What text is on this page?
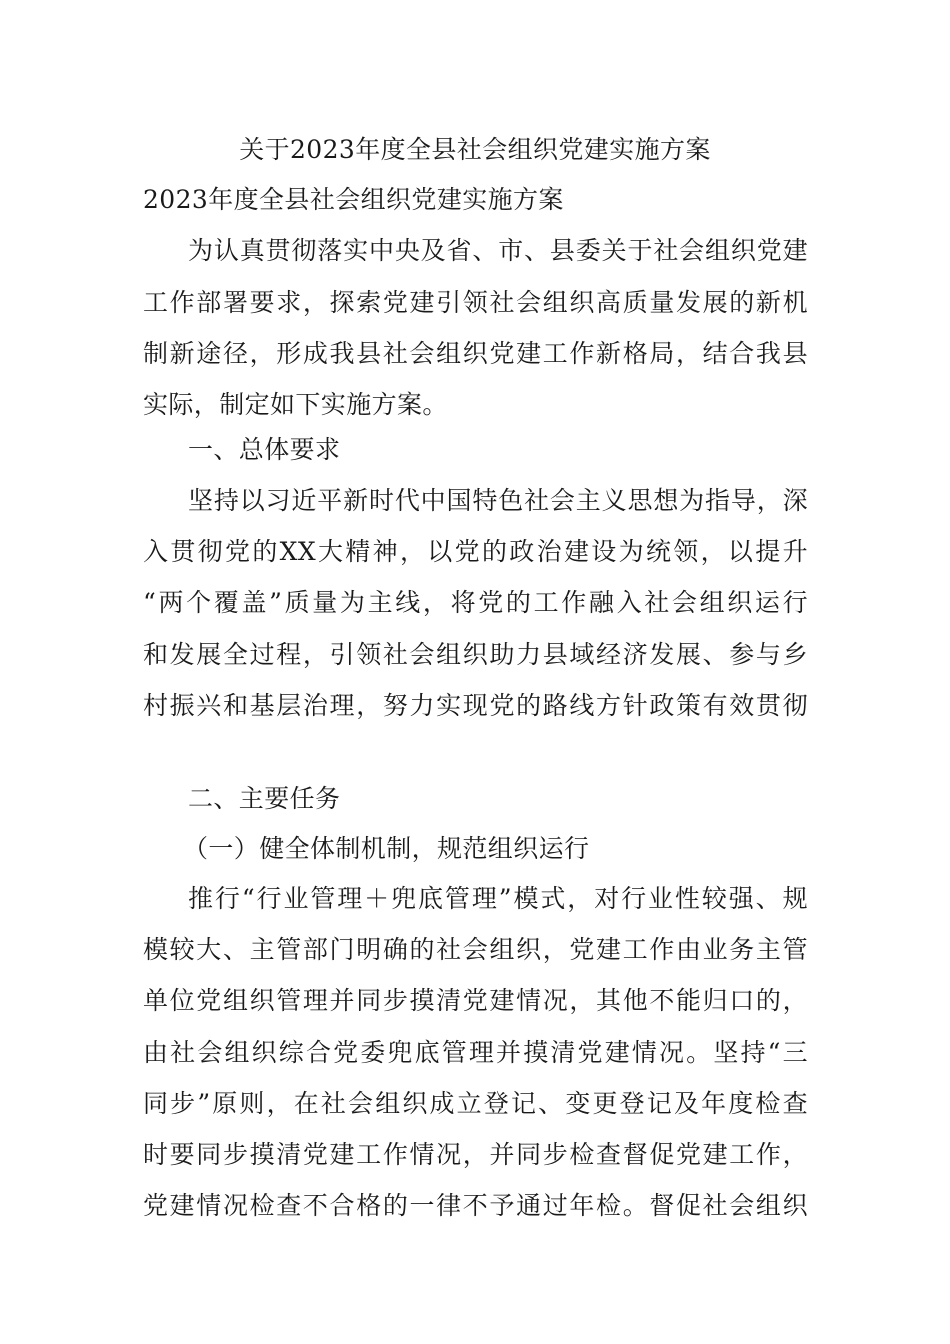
关于2023年度全县社会组织党建实施方案
2023年度全县社会组织党建实施方案
为认真贯彻落实中央及省、市、县委关于社会组织党建
工作部署要求，探索党建引领社会组织高质量发展的新机
制新途径，形成我县社会组织党建工作新格局，结合我县
实际，制定如下实施方案。
一、总体要求
坚持以习近平新时代中国特色社会主义思想为指导，深
入贯彻党的XX大精神，以党的政治建设为统领，以提升
“两个覆盖”质量为主线，将党的工作融入社会组织运行
和发展全过程，引领社会组织助力县域经济发展、参与乡
村振兴和基层治理，努力实现党的路线方针政策有效贯彻
二、主要任务
（一）健全体制机制，规范组织运行
推行“行业管理＋兜底管理”模式，对行业性较强、规
模较大、主管部门明确的社会组织，党建工作由业务主管
单位党组织管理并同步摸清党建情况，其他不能归口的，
由社会组织综合党委兜底管理并摸清党建情况。坚持“三
同步”原则，在社会组织成立登记、变更登记及年度检查
时要同步摸清党建工作情况，并同步检查督促党建工作，
党建情况检查不合格的一律不予通过年检。督促社会组织
